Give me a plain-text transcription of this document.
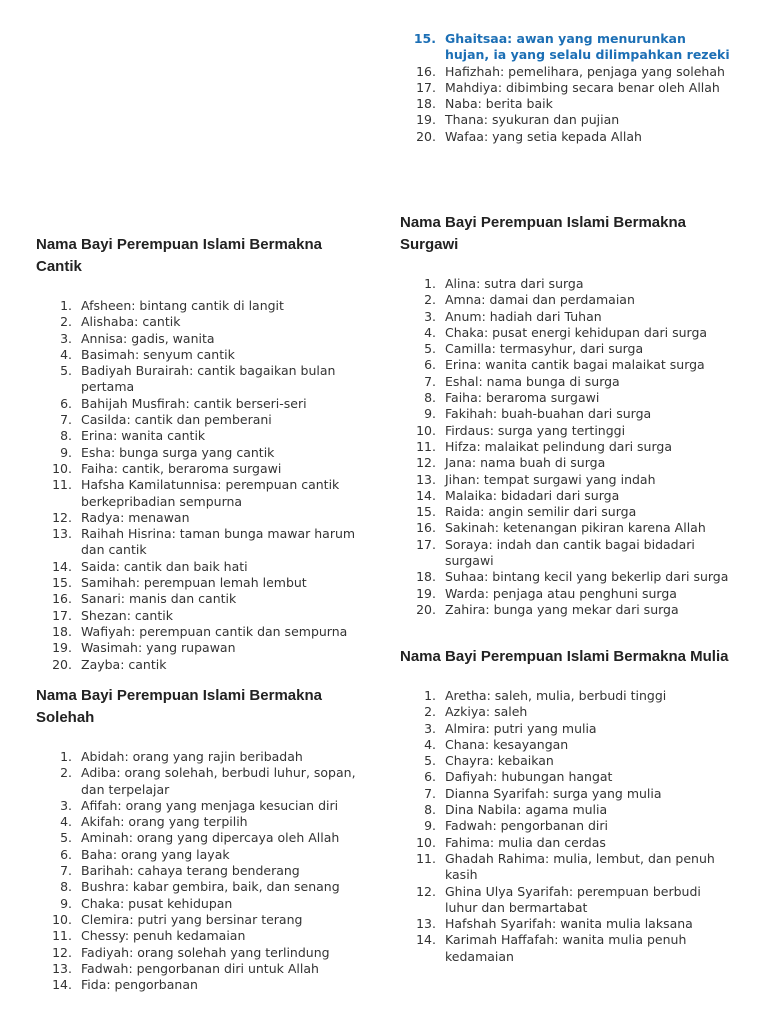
Nama Bayi Perempuan Islami Bermakna Cantik
1. Afsheen: bintang cantik di langit
2. Alishaba: cantik
3. Annisa: gadis, wanita
4. Basimah: senyum cantik
5. Badiyah Burairah: cantik bagaikan bulan pertama
6. Bahijah Musfirah: cantik berseri-seri
7. Casilda: cantik dan pemberani
8. Erina: wanita cantik
9. Esha: bunga surga yang cantik
10. Faiha: cantik, beraroma surgawi
11. Hafsha Kamilatunnisa: perempuan cantik berkepribadian sempurna
12. Radya: menawan
13. Raihah Hisrina: taman bunga mawar harum dan cantik
14. Saida: cantik dan baik hati
15. Samihah: perempuan lemah lembut
16. Sanari: manis dan cantik
17. Shezan: cantik
18. Wafiyah: perempuan cantik dan sempurna
19. Wasimah: yang rupawan
20. Zayba: cantik
Nama Bayi Perempuan Islami Bermakna Solehah
1. Abidah: orang yang rajin beribadah
2. Adiba: orang solehah, berbudi luhur, sopan, dan terpelajar
3. Afifah: orang yang menjaga kesucian diri
4. Akifah: orang yang terpilih
5. Aminah: orang yang dipercaya oleh Allah
6. Baha: orang yang layak
7. Barihah: cahaya terang benderang
8. Bushra: kabar gembira, baik, dan senang
9. Chaka: pusat kehidupan
10. Clemira: putri yang bersinar terang
11. Chessy: penuh kedamaian
12. Fadiyah: orang solehah yang terlindung
13. Fadwah: pengorbanan diri untuk Allah
14. Fida: pengorbanan
15. Ghaitsaa: awan yang menurunkan hujan, ia yang selalu dilimpahkan rezeki
16. Hafizhah: pemelihara, penjaga yang solehah
17. Mahdiya: dibimbing secara benar oleh Allah
18. Naba: berita baik
19. Thana: syukuran dan pujian
20. Wafaa: yang setia kepada Allah
Nama Bayi Perempuan Islami Bermakna Surgawi
1. Alina: sutra dari surga
2. Amna: damai dan perdamaian
3. Anum: hadiah dari Tuhan
4. Chaka: pusat energi kehidupan dari surga
5. Camilla: termasyhur, dari surga
6. Erina: wanita cantik bagai malaikat surga
7. Eshal: nama bunga di surga
8. Faiha: beraroma surgawi
9. Fakihah: buah-buahan dari surga
10. Firdaus: surga yang tertinggi
11. Hifza: malaikat pelindung dari surga
12. Jana: nama buah di surga
13. Jihan: tempat surgawi yang indah
14. Malaika: bidadari dari surga
15. Raida: angin semilir dari surga
16. Sakinah: ketenangan pikiran karena Allah
17. Soraya: indah dan cantik bagai bidadari surgawi
18. Suhaa: bintang kecil yang bekerlip dari surga
19. Warda: penjaga atau penghuni surga
20. Zahira: bunga yang mekar dari surga
Nama Bayi Perempuan Islami Bermakna Mulia
1. Aretha: saleh, mulia, berbudi tinggi
2. Azkiya: saleh
3. Almira: putri yang mulia
4. Chana: kesayangan
5. Chayra: kebaikan
6. Dafiyah: hubungan hangat
7. Dianna Syarifah: surga yang mulia
8. Dina Nabila: agama mulia
9. Fadwah: pengorbanan diri
10. Fahima: mulia dan cerdas
11. Ghadah Rahima: mulia, lembut, dan penuh kasih
12. Ghina Ulya Syarifah: perempuan berbudi luhur dan bermartabat
13. Hafshah Syarifah: wanita mulia laksana
14. Karimah Haffafah: wanita mulia penuh kedamaian
